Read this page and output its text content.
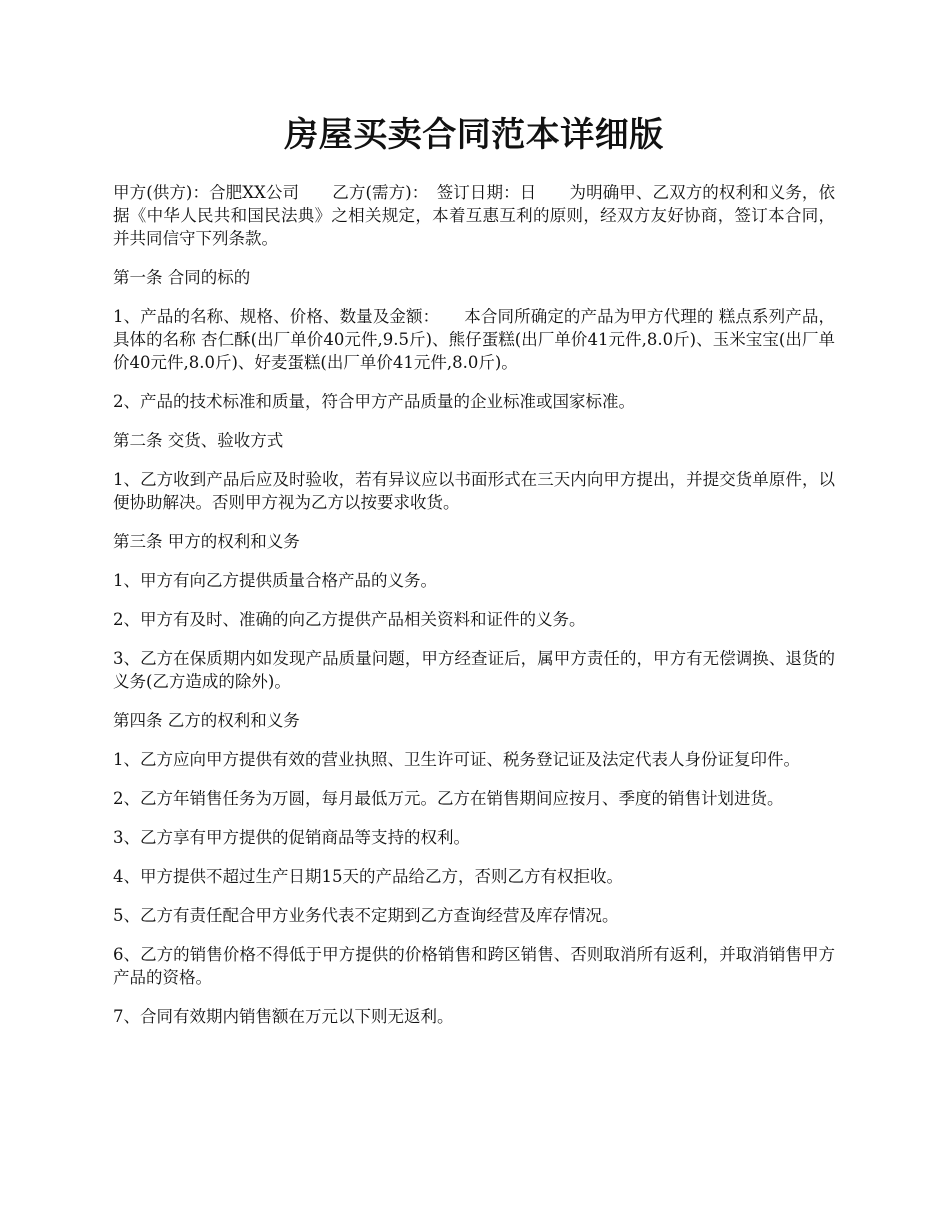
房屋买卖合同范本详细版

甲方(供方)：合肥XX公司　　乙方(需方)：　签订日期：日　　为明确甲、乙双方的权利和义务，依据《中华人民共和国民法典》之相关规定，本着互惠互利的原则，经双方友好协商，签订本合同，并共同信守下列条款。

第一条 合同的标的

1、产品的名称、规格、价格、数量及金额：　　本合同所确定的产品为甲方代理的 糕点系列产品，具体的名称 杏仁酥(出厂单价40元件,9.5斤)、熊仔蛋糕(出厂单价41元件,8.0斤)、玉米宝宝(出厂单价40元件,8.0斤)、好麦蛋糕(出厂单价41元件,8.0斤)。

2、产品的技术标准和质量，符合甲方产品质量的企业标准或国家标准。

第二条 交货、验收方式

1、乙方收到产品后应及时验收，若有异议应以书面形式在三天内向甲方提出，并提交货单原件，以便协助解决。否则甲方视为乙方以按要求收货。

第三条 甲方的权利和义务

1、甲方有向乙方提供质量合格产品的义务。

2、甲方有及时、准确的向乙方提供产品相关资料和证件的义务。

3、乙方在保质期内如发现产品质量问题，甲方经查证后，属甲方责任的，甲方有无偿调换、退货的义务(乙方造成的除外)。

第四条 乙方的权利和义务

1、乙方应向甲方提供有效的营业执照、卫生许可证、税务登记证及法定代表人身份证复印件。

2、乙方年销售任务为万圆，每月最低万元。乙方在销售期间应按月、季度的销售计划进货。

3、乙方享有甲方提供的促销商品等支持的权利。

4、甲方提供不超过生产日期15天的产品给乙方，否则乙方有权拒收。

5、乙方有责任配合甲方业务代表不定期到乙方查询经营及库存情况。

6、乙方的销售价格不得低于甲方提供的价格销售和跨区销售、否则取消所有返利，并取消销售甲方产品的资格。

7、合同有效期内销售额在万元以下则无返利。
